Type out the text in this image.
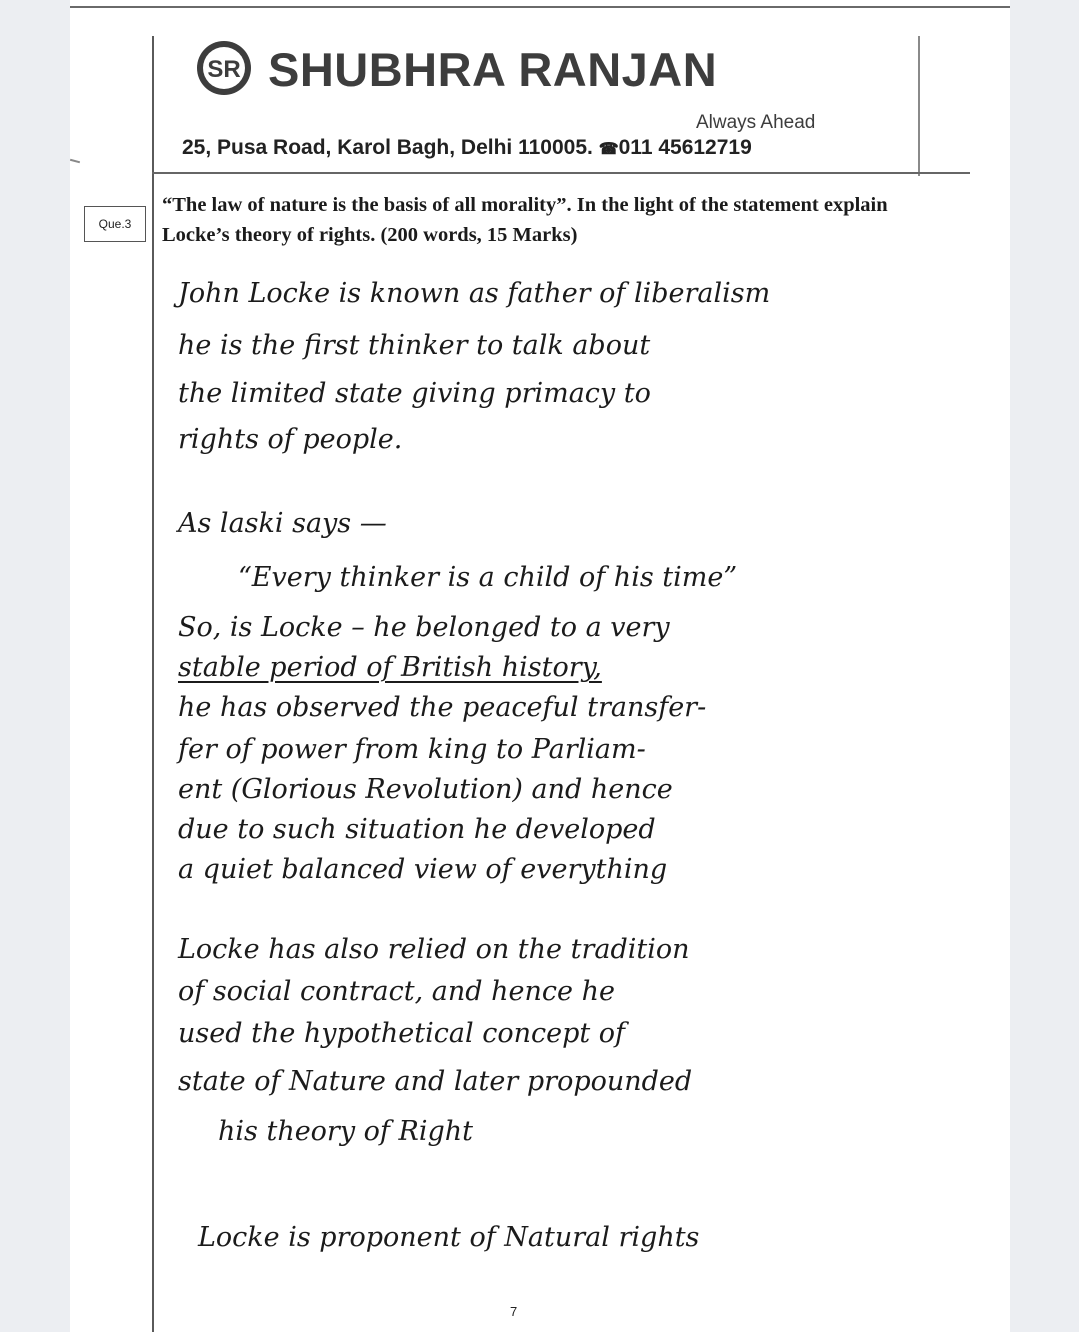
SR SHUBHRA RANJAN
Always Ahead
25, Pusa Road, Karol Bagh, Delhi 110005. ☎011 45612719
Que.3
“The law of nature is the basis of all morality”. In the light of the statement explain Locke’s theory of rights. (200 words, 15 Marks)
John Locke is known as father of liberalism
he is the first thinker to talk about
the limited state giving primacy to
rights of people.
As laski says —
“Every thinker is a child of his time”
So, is Locke – he belonged to a very
stable period of British history,
he has observed the peaceful transfer-
fer of power from king to Parliam-
ent (Glorious Revolution) and hence
due to such situation he developed
a quiet balanced view of everything
Locke has also relied on the tradition
of social contract, and hence he
used the hypothetical concept of
state of Nature and later propounded
his theory of Right
Locke is proponent of Natural rights
7
